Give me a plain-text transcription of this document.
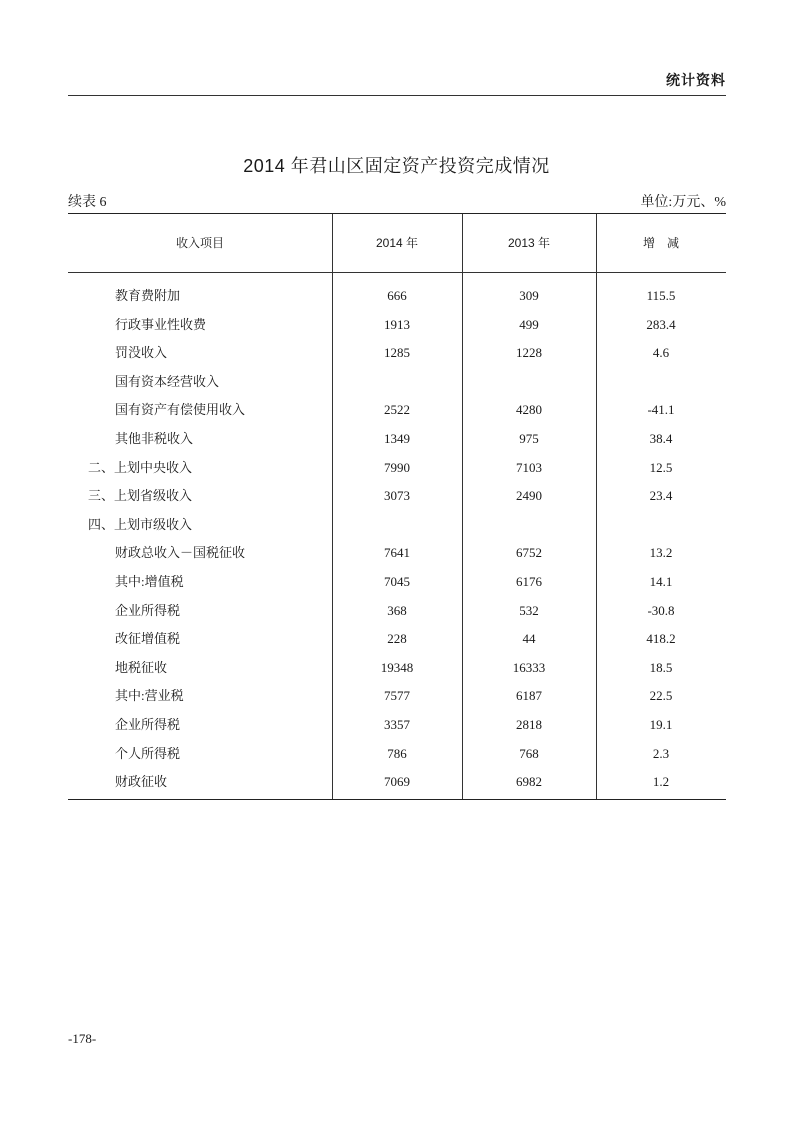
统计资料
2014 年君山区固定资产投资完成情况
续表 6	单位:万元、%
收入项目	2014 年	2013 年	增　减
教育费附加	666	309	115.5
行政事业性收费	1913	499	283.4
罚没收入	1285	1228	4.6
国有资本经营收入
国有资产有偿使用收入	2522	4280	-41.1
其他非税收入	1349	975	38.4
二、上划中央收入	7990	7103	12.5
三、上划省级收入	3073	2490	23.4
四、上划市级收入
财政总收入－国税征收	7641	6752	13.2
其中:增值税	7045	6176	14.1
企业所得税	368	532	-30.8
改征增值税	228	44	418.2
地税征收	19348	16333	18.5
其中:营业税	7577	6187	22.5
企业所得税	3357	2818	19.1
个人所得税	786	768	2.3
财政征收	7069	6982	1.2
-178-
